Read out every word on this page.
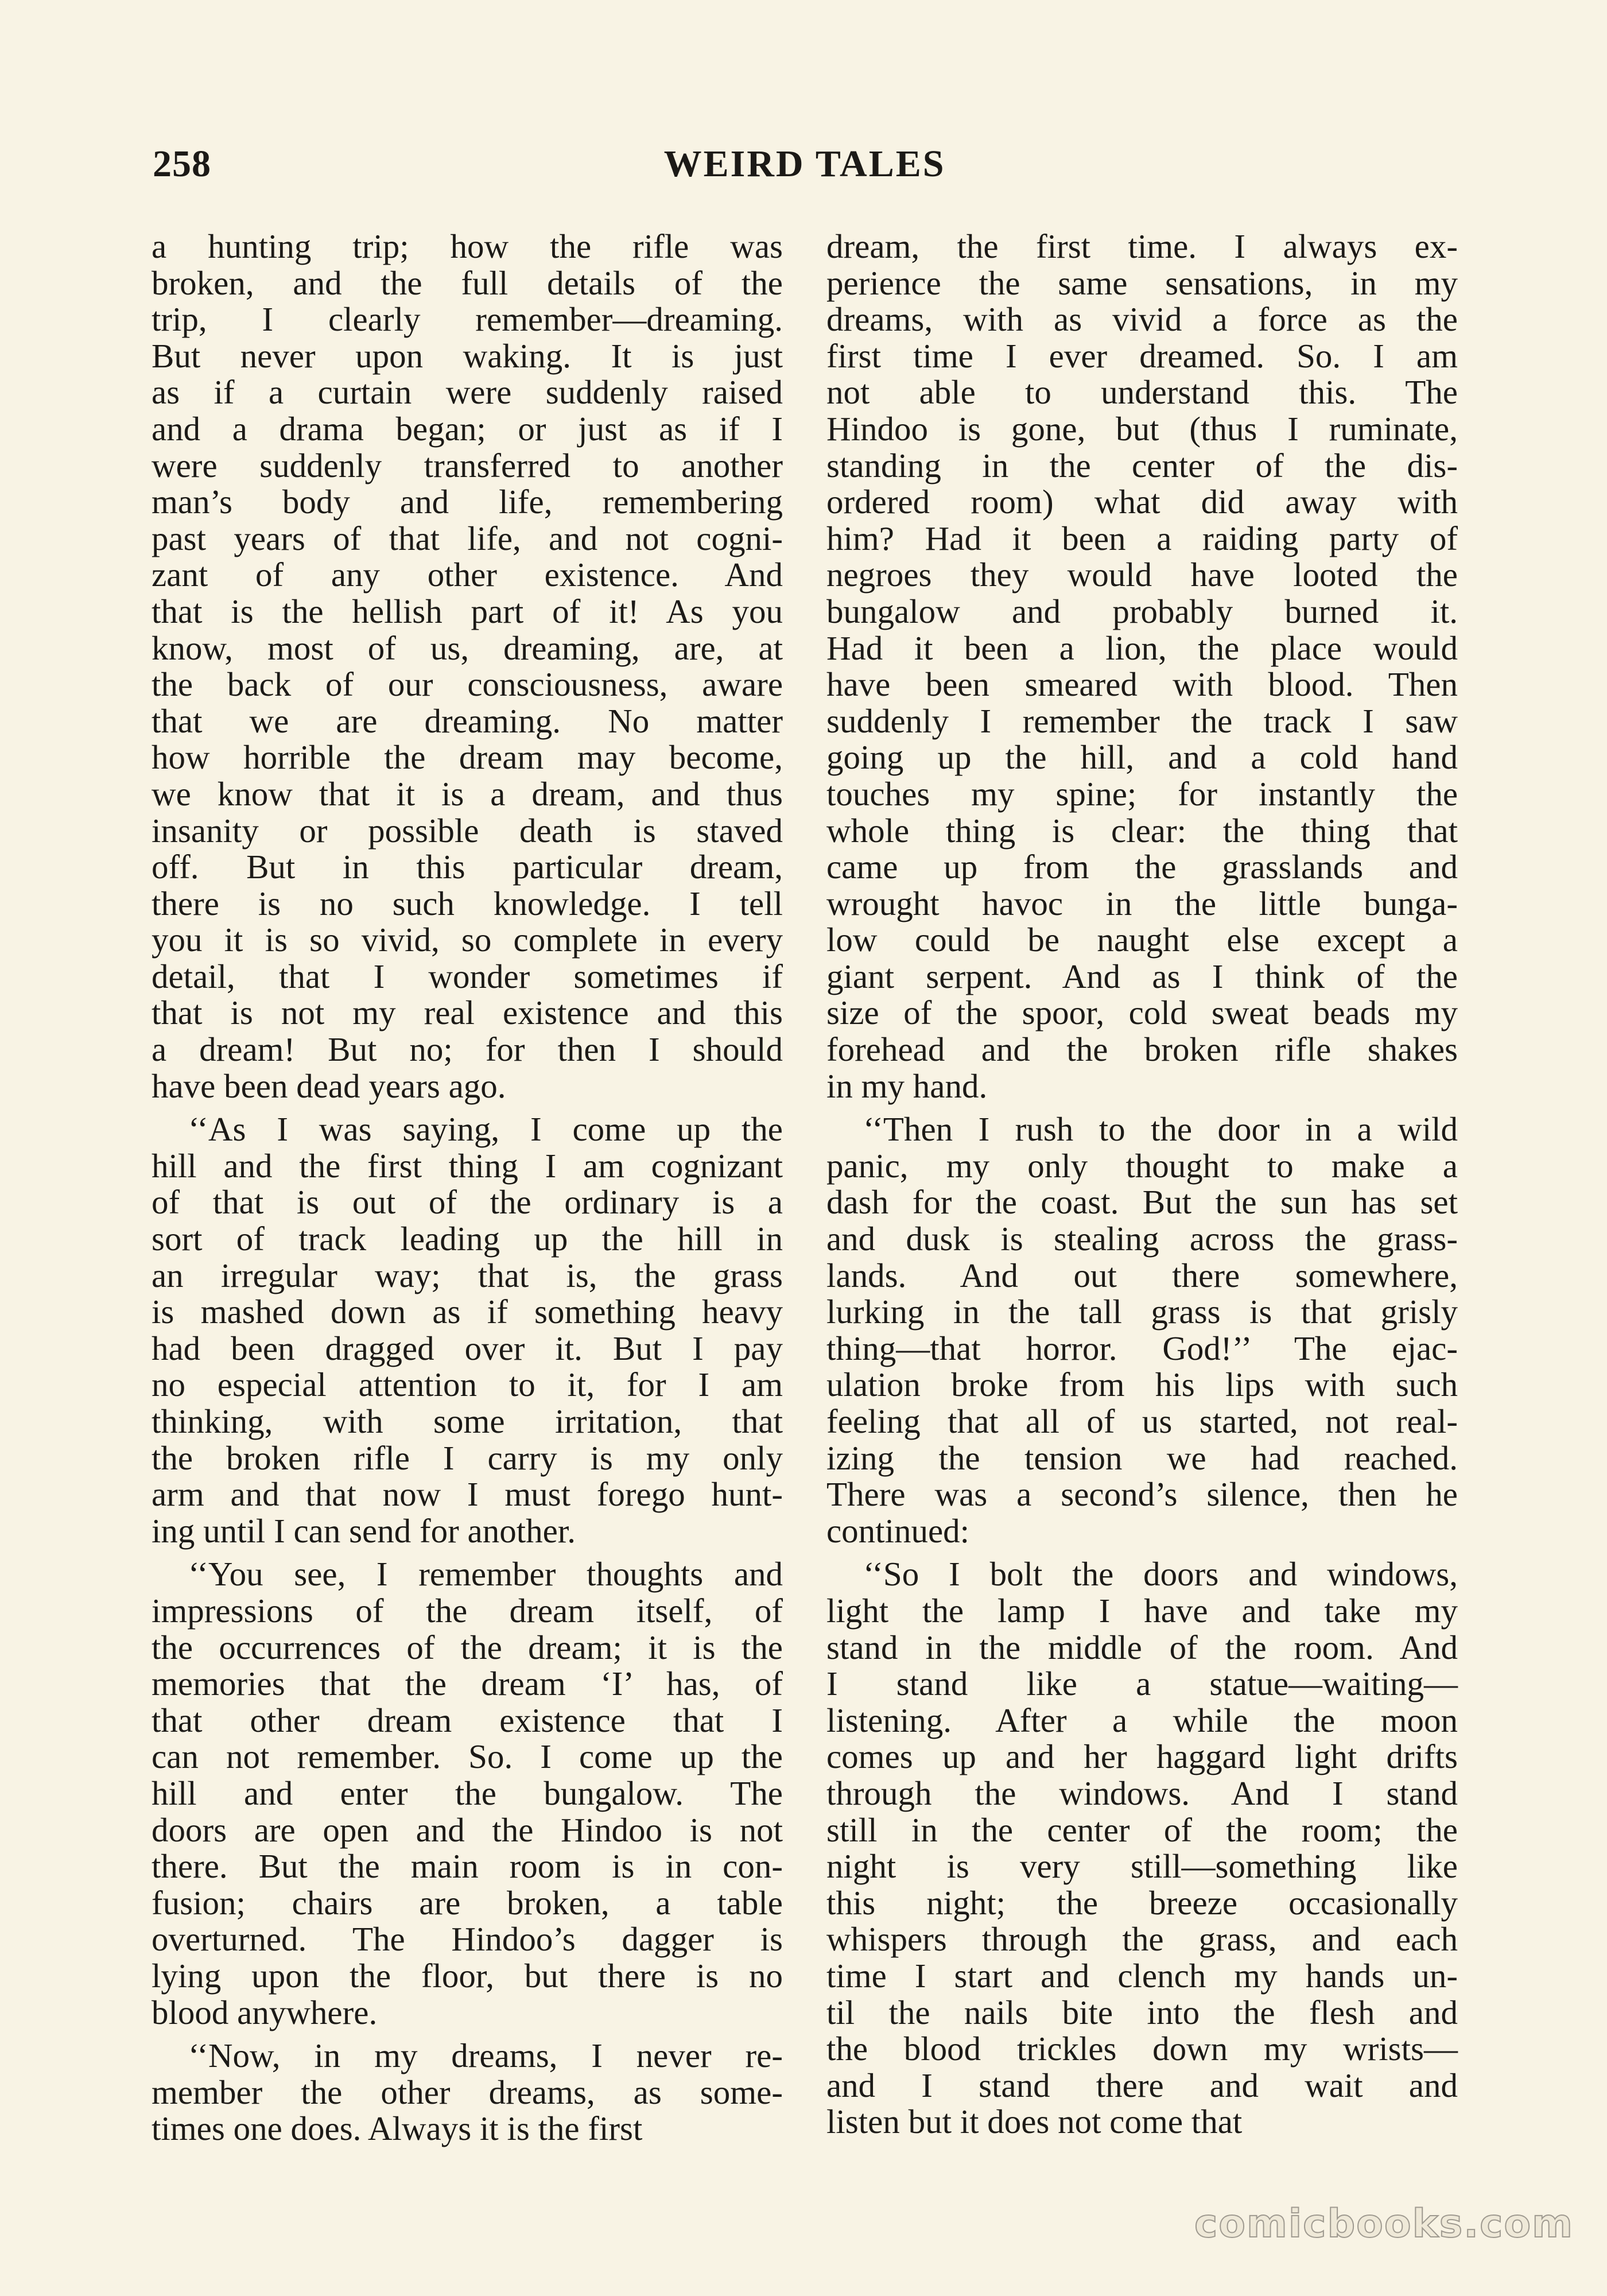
258	WEIRD TALES
a hunting trip; how the rifle was
broken, and the full details of the
trip, I clearly remember—dreaming.
But never upon waking. It is just
as if a curtain were suddenly raised
and a drama began; or just as if I
were suddenly transferred to another
man’s body and life, remembering
past years of that life, and not cogni-
zant of any other existence. And
that is the hellish part of it! As you
know, most of us, dreaming, are, at
the back of our consciousness, aware
that we are dreaming. No matter
how horrible the dream may become,
we know that it is a dream, and thus
insanity or possible death is staved
off. But in this particular dream,
there is no such knowledge. I tell
you it is so vivid, so complete in every
detail, that I wonder sometimes if
that is not my real existence and this
a dream! But no; for then I should
have been dead years ago.
‘‘As I was saying, I come up the
hill and the first thing I am cognizant
of that is out of the ordinary is a
sort of track leading up the hill in
an irregular way; that is, the grass
is mashed down as if something heavy
had been dragged over it. But I pay
no especial attention to it, for I am
thinking, with some irritation, that
the broken rifle I carry is my only
arm and that now I must forego hunt-
ing until I can send for another.
‘‘You see, I remember thoughts and
impressions of the dream itself, of
the occurrences of the dream; it is the
memories that the dream ‘I’ has, of
that other dream existence that I
can not remember. So. I come up the
hill and enter the bungalow. The
doors are open and the Hindoo is not
there. But the main room is in con-
fusion; chairs are broken, a table
overturned. The Hindoo’s dagger is
lying upon the floor, but there is no
blood anywhere.
‘‘Now, in my dreams, I never re-
member the other dreams, as some-
times one does. Always it is the first
dream, the first time. I always ex-
perience the same sensations, in my
dreams, with as vivid a force as the
first time I ever dreamed. So. I am
not able to understand this. The
Hindoo is gone, but (thus I ruminate,
standing in the center of the dis-
ordered room) what did away with
him? Had it been a raiding party of
negroes they would have looted the
bungalow and probably burned it.
Had it been a lion, the place would
have been smeared with blood. Then
suddenly I remember the track I saw
going up the hill, and a cold hand
touches my spine; for instantly the
whole thing is clear: the thing that
came up from the grasslands and
wrought havoc in the little bunga-
low could be naught else except a
giant serpent. And as I think of the
size of the spoor, cold sweat beads my
forehead and the broken rifle shakes
in my hand.
‘‘Then I rush to the door in a wild
panic, my only thought to make a
dash for the coast. But the sun has set
and dusk is stealing across the grass-
lands. And out there somewhere,
lurking in the tall grass is that grisly
thing—that horror. God!’’ The ejac-
ulation broke from his lips with such
feeling that all of us started, not real-
izing the tension we had reached.
There was a second’s silence, then he
continued:
‘‘So I bolt the doors and windows,
light the lamp I have and take my
stand in the middle of the room. And
I stand like a statue—waiting—
listening. After a while the moon
comes up and her haggard light drifts
through the windows. And I stand
still in the center of the room; the
night is very still—something like
this night; the breeze occasionally
whispers through the grass, and each
time I start and clench my hands un-
til the nails bite into the flesh and
the blood trickles down my wrists—
and I stand there and wait and
listen but it does not come that
comicbooks.com
